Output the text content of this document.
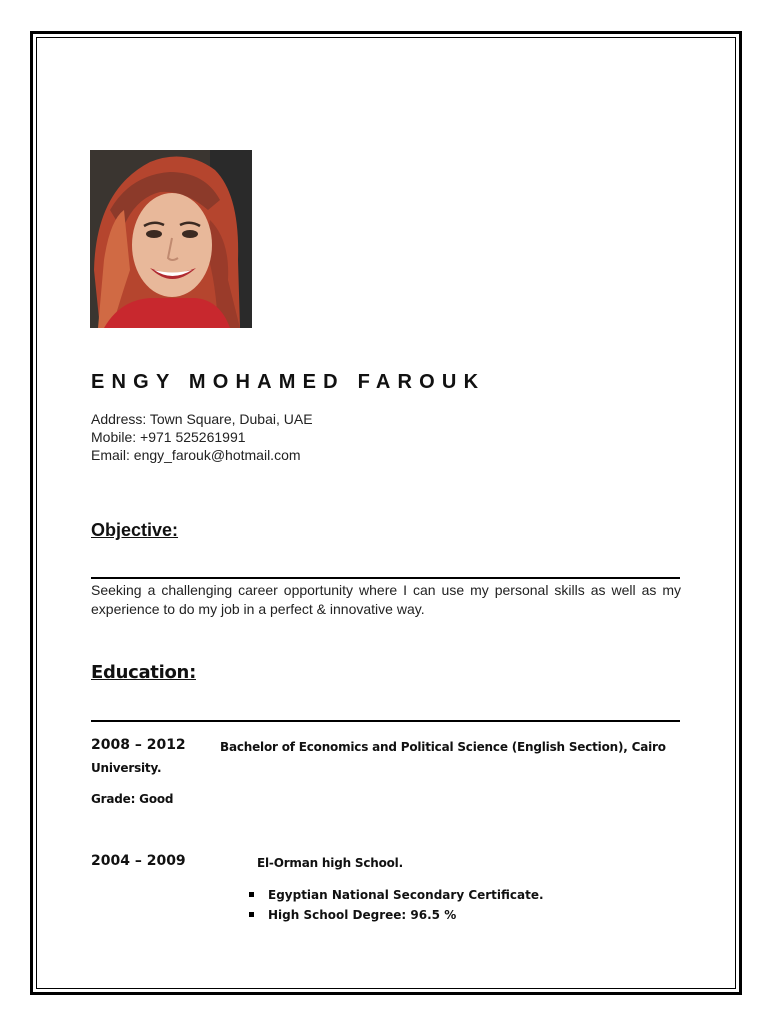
ENGY MOHAMED FAROUK
Address: Town Square, Dubai, UAE
Mobile: +971 525261991
Email: engy_farouk@hotmail.com
Objective:
Seeking a challenging career opportunity where I can use my personal skills as well as my experience to do my job in a perfect & innovative way.
Education:
2008 – 2012	Bachelor of Economics and Political Science (English Section), Cairo
University.
Grade: Good
2004 – 2009	El-Orman high School.
Egyptian National Secondary Certificate.
High School Degree: 96.5 %
